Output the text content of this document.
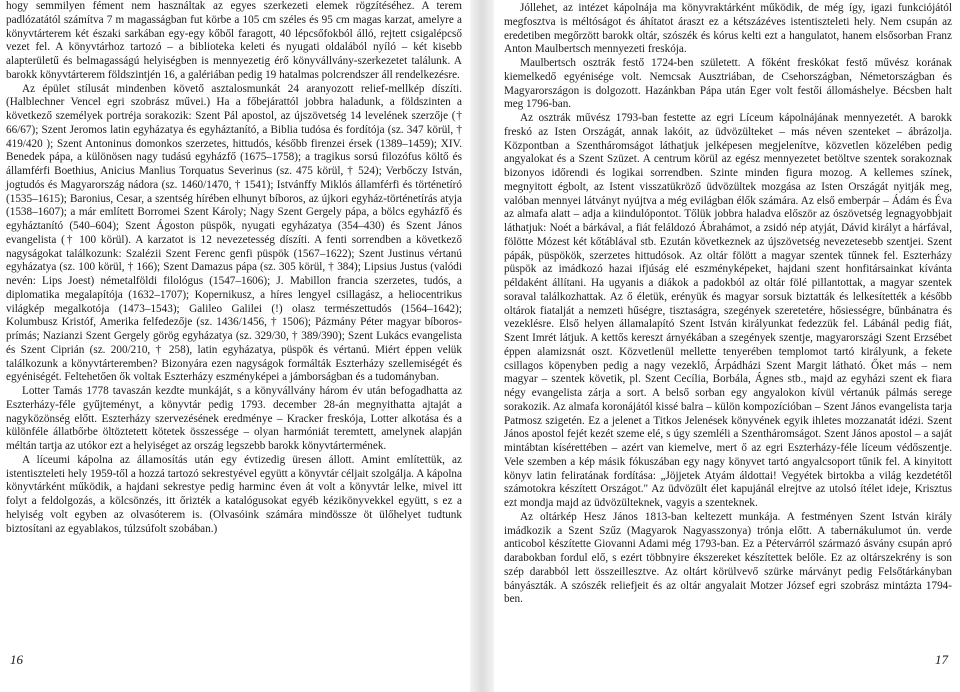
hogy semmilyen fément nem használtak az egyes szerkezeti elemek rögzítéséhez. A terem padlózatától számítva 7 m magasságban fut körbe a 105 cm széles és 95 cm magas karzat, amelyre a könyvtárterem két északi sarkában egy-egy kőből faragott, 40 lépcsőfokból álló, rejtett csigalépcső vezet fel. A könyvtárhoz tartozó – a biblioteka keleti és nyugati oldalából nyíló – két kisebb alapterületű és belmagasságú helyiségben is mennyezetig érő könyvállvány-szerkezetet találunk. A barokk könyvtárterem földszintjén 16, a galériában pedig 19 hatalmas polcrendszer áll rendelkezésre.

Az épület stílusát mindenben követő asztalosmunkát 24 aranyozott relief-mellkép díszíti. (Halblechner Vencel egri szobrász művei.) Ha a főbejárattól jobbra haladunk, a földszinten a következő személyek portréja sorakozik: Szent Pál apostol, az újszövetség 14 levelének szerzője († 66/67); Szent Jeromos latin egyházatya és egyháztanító, a Biblia tudósa és fordítója (sz. 347 körül, † 419/420 ); Szent Antoninus domonkos szerzetes, hittudós, később firenzei érsek (1389–1459); XIV. Benedek pápa, a különösen nagy tudású egyházfő (1675–1758); a tragikus sorsú filozófus költő és államférfi Boethius, Anicius Manlius Torquatus Severinus (sz. 475 körül, † 524); Verbőczy István, jogtudós és Magyarország nádora (sz. 1460/1470, † 1541); Istvánffy Miklós államférfi és történetíró (1535–1615); Baronius, Cesar, a szentség hírében elhunyt bíboros, az újkori egyház-történetírás atyja (1538–1607); a már említett Borromei Szent Károly; Nagy Szent Gergely pápa, a bölcs egyházfő és egyháztanító (540–604); Szent Ágoston püspök, nyugati egyházatya (354–430) és Szent János evangelista († 100 körül). A karzatot is 12 nevezetesség díszíti. A fenti sorrendben a következő nagyságokat találkozunk: Szaléziі Szent Ferenc genfi püspök (1567–1622); Szent Justinus vértanú egyházatya (sz. 100 körül, † 166); Szent Damazus pápa (sz. 305 körül, † 384); Lipsius Justus (valódi nevén: Lips Joest) németalföldi filológus (1547–1606); J. Mabillon francia szerzetes, tudós, a diplomatika megalapítója (1632–1707); Kopernikusz, a híres lengyel csillagász, a heliocentrikus világkép megalkotója (1473–1543); Galileo Galilei (!) olasz természettudós (1564–1642); Kolumbusz Kristóf, Amerika felfedezője (sz. 1436/1456, † 1506); Pázmány Péter magyar bíboros-prímás; Nazianzi Szent Gergely görög egyházatya (sz. 329/30, † 389/390); Szent Lukács evangelista és Szent Ciprián (sz. 200/210, † 258), latin egyházatya, püspök és vértanú. Miért éppen velük találkozunk a könyvtárteremben? Bizonyára ezen nagyságok formálták Eszterházy szellemiségét és egyéniségét. Feltehetően ők voltak Eszterházy eszményképei a jámborságban és a tudományban.

Lotter Tamás 1778 tavaszán kezdte munkáját, s a könyvállvány három év után befogadhatta az Eszterházy-féle gyűjteményt, a könyvtár pedig 1793. december 28-án megnyithatta ajtaját a nagyközönség előtt. Eszterházy szervezésének eredménye – Kracker freskója, Lotter alkotása és a különféle állatbőrbe öltöztetett kötetek összessége – olyan harmóniát teremtett, amelynek alapján méltán tartja az utókor ezt a helyiséget az ország legszebb barokk könyvtártermének.

A líceumi kápolna az államosítás után egy évtizedig üresen állott. Amint említettük, az istentiszteleti hely 1959-től a hozzá tartozó sekrestyével együtt a könyvtár céljait szolgálja. A kápolna könyvtárként működik, a hajdani sekrestye pedig harminc éven át volt a könyvtár lelke, mivel itt folyt a feldolgozás, a kölcsönzés, itt őrizték a katalógusokat egyéb kézikönyvekkel együtt, s ez a helyiség volt egyben az olvasóterem is. (Olvasóink számára mindössze öt ülőhelyet tudtunk biztosítani az egyablakos, túlzsúfolt szobában.)

16

Jóllehet, az intézet kápolnája ma könyvraktárként működik, de még így, igazi funkciójától megfosztva is méltóságot és áhítatot áraszt ez a kétszázéves istentiszteleti hely. Nem csupán az eredetiben megőrzött barokk oltár, szószék és kórus kelti ezt a hangulatot, hanem elsősorban Franz Anton Maulbertsch mennyezeti freskója.

Maulbertsch osztrák festő 1724-ben született. A főként freskókat festő művész korának kiemelkedő egyénisége volt. Nemcsak Ausztriában, de Csehországban, Németországban és Magyarországon is dolgozott. Hazánkban Pápa után Eger volt festői állomáshelye. Bécsben halt meg 1796-ban.

Az osztrák művész 1793-ban festette az egri Líceum kápolnájának mennyezetét. A barokk freskó az Isten Országát, annak lakóit, az üdvözülteket – más néven szenteket – ábrázolja. Központban a Szentháromságot láthatjuk jelképesen megjelenítve, közvetlen közelében pedig angyalokat és a Szent Szüzet. A centrum körül az egész mennyezetet betöltve szentek sorakoznak bizonyos időrendi és logikai sorrendben. Szinte minden figura mozog. A kellemes színek, megnyitott égbolt, az Istent visszatükröző üdvözültek mozgása az Isten Országát nyitják meg, valóban mennyei látványt nyújtva a még evilágban élők számára. Az első emberpár – Ádám és Éva az almafa alatt – adja a kiindulópontot. Tőlük jobbra haladva először az ószövetség legnagyobbjait láthatjuk: Noét a bárkával, a fiát feláldozó Ábrahámot, a zsidó nép atyját, Dávid királyt a hárfával, fölötte Mózest két kőtáblával stb. Ezután következnek az újszövetség nevezetesebb szentjei. Szent pápák, püspökök, szerzetes hittudósok. Az oltár fölött a magyar szentek tűnnek fel. Eszterházy püspök az imádkozó hazai ifjúság elé eszményképeket, hajdani szent honfitársainkat kívánta példaként állítani. Ha ugyanis a diákok a padokból az oltár fölé pillantottak, a magyar szentek soraval találkozhattak. Az ő életük, erényük és magyar sorsuk biztatták és lelkesítették a később oltárok fiatalját a nemzeti hűségre, tisztaságra, szegények szeretetére, hősiességre, bűnbánatra és vezeklésre. Első helyen államalapító Szent István királyunkat fedezzük fel. Lábánál pedig fiát, Szent Imrét látjuk. A kettős kereszt árnyékában a szegények szentje, magyarországi Szent Erzsébet éppen alamizsnát oszt. Közvetlenül mellette tenyerében templomot tartó királyunk, a fekete csillagos köpenyben pedig a nagy vezeklő, Árpádházi Szent Margit látható. Őket más – nem magyar – szentek követik, pl. Szent Cecília, Borbála, Ágnes stb., majd az egyházi szent ek fiara négy evangelista zárja a sort. A belső sorban egy angyalokon kívül vértanúk pálmás serege sorakozik. Az almafa koronájától kissé balra – külön kompozícióban – Szent János evangelista tarja Patmosz szigetén. Ez a jelenet a Titkos Jelenések könyvének egyik ihletes mozzanatát idézi. Szent János apostol fejét kezét szeme elé, s úgy szemléli a Szentháromságot. Szent János apostol – a saját mintábtan kísérettében – azért van kiemelve, mert ő az egri Eszterházy-féle líceum védőszentje. Vele szemben a kép másik fókuszában egy nagy könyvet tartó angyalcsoport tűnik fel. A kinyitott könyv latin feliratának fordítása: „Jöjjetek Atyám áldottai! Vegyétek birtokba a világ kezdetétől számotokra készített Országot." Az üdvözült élet kapujánál elrejtve az utolsó ítélet ideje, Krisztus ezt mondja majd az üdvözülteknek, vagyis a szenteknek.

Az oltárkép Hesz János 1813-ban keltezett munkája. A festményen Szent István király imádkozik a Szent Szűz (Magyarok Nagyasszonya) trónja előtt. A tabernákulumot ún. verde anticobol készítette Giovanni Adami még 1793-ban. Ez a Pétervárról származó ásvány csupán apró darabokban fordul elő, s ezért többnyire ékszereket készítettek belőle. Ez az oltárszekrény is son szép darabból lett összeillesztve. Az oltárt körülvevő szürke márványt pedig Felsőtárkányban bányászták. A szószék reliefjeit és az oltár angyalait Motzer József egri szobrász mintázta 1794-ben.

17
